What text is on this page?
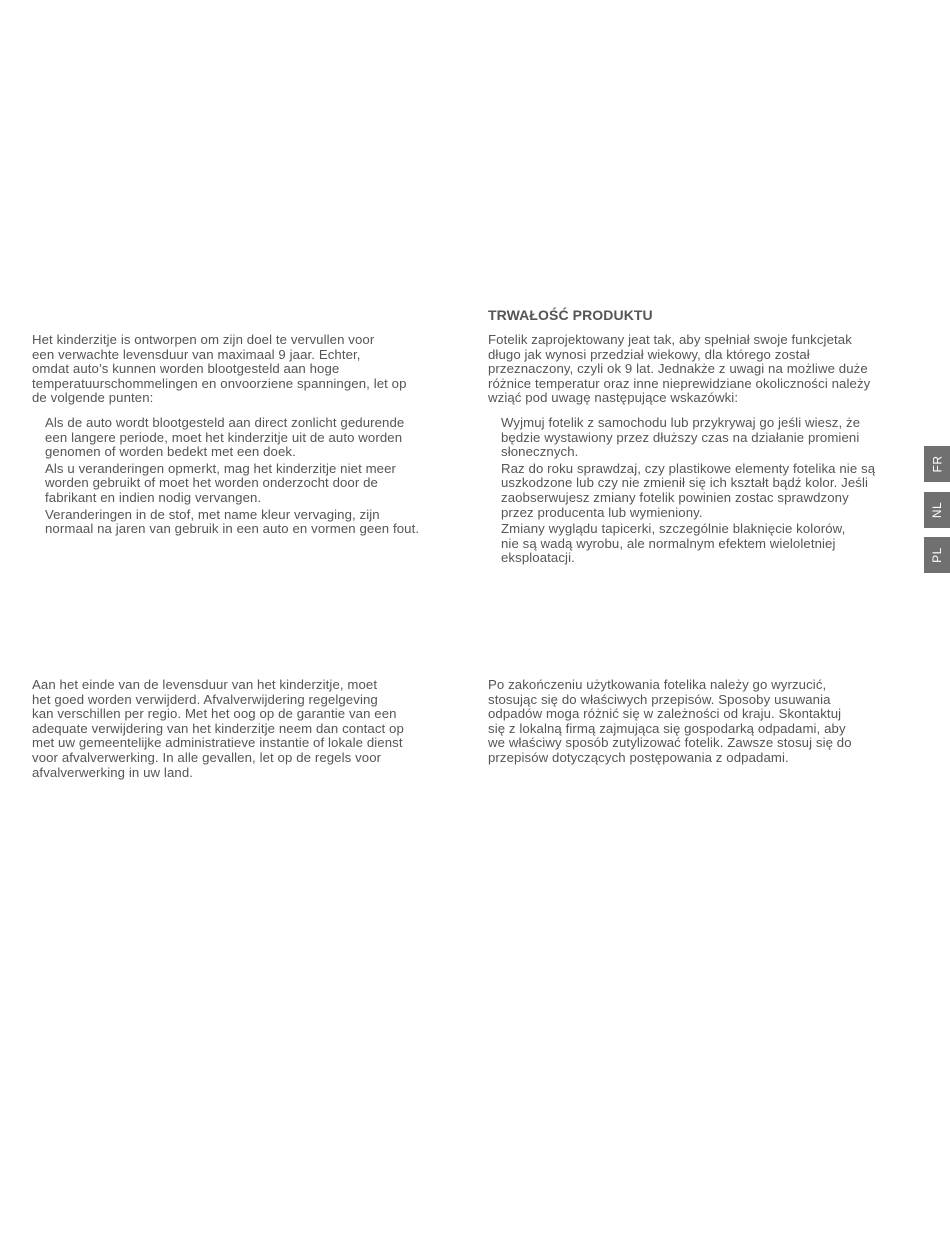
Het kinderzitje is ontworpen om zijn doel te vervullen voor

een verwachte levensduur van maximaal 9 jaar. Echter,

omdat auto’s kunnen worden blootgesteld aan hoge

temperatuurschommelingen en onvoorziene spanningen, let op

de volgende punten:

Als de auto wordt blootgesteld aan direct zonlicht gedurende

een langere periode, moet het kinderzitje uit de auto worden

genomen of worden bedekt met een doek.

Als u veranderingen opmerkt, mag het kinderzitje niet meer

worden gebruikt of moet het worden onderzocht door de

fabrikant en indien nodig vervangen.

Veranderingen in de stof, met name kleur vervaging, zijn

normaal na jaren van gebruik in een auto en vormen geen fout.

Aan het einde van de levensduur van het kinderzitje, moet

het goed worden verwijderd. Afvalverwijdering regelgeving

kan verschillen per regio. Met het oog op de garantie van een

adequate verwijdering van het kinderzitje neem dan contact op

met uw gemeentelijke administratieve instantie of lokale dienst

voor afvalverwerking. In alle gevallen, let op de regels voor

afvalverwerking in uw land.

TRWAŁOŚĆ PRODUKTU

Fotelik zaprojektowany jeat tak, aby spełniał swoje funkcjetak

długo jak wynosi przedział wiekowy, dla którego został

przeznaczony, czyli ok 9 lat. Jednakże z uwagi na możliwe duże

różnice temperatur oraz inne nieprewidziane okoliczności należy

wziąć pod uwagę następujące wskazówki:

Wyjmuj fotelik z samochodu lub przykrywaj go jeśli wiesz, że

będzie wystawiony przez dłuższy czas na działanie promieni

słonecznych.

Raz do roku sprawdzaj, czy plastikowe elementy fotelika nie są

uszkodzone lub czy nie zmienił się ich kształt bądź kolor. Jeśli

zaobserwujesz zmiany fotelik powinien zostac sprawdzony

przez producenta lub wymieniony.

Zmiany wyglądu tapicerki, szczególnie blaknięcie kolorów,

nie są wadą wyrobu, ale normalnym efektem wieloletniej

eksploatacji.

Po zakończeniu użytkowania fotelika należy go wyrzucić,

stosując się do właściwych przepisów. Sposoby usuwania

odpadów moga różnić się w zależności od kraju. Skontaktuj

się z lokalną firmą zajmująca się gospodarką odpadami, aby

we właściwy sposób zutylizować fotelik. Zawsze stosuj się do

przepisów dotyczących postępowania z odpadami.

FR
NL
PL
